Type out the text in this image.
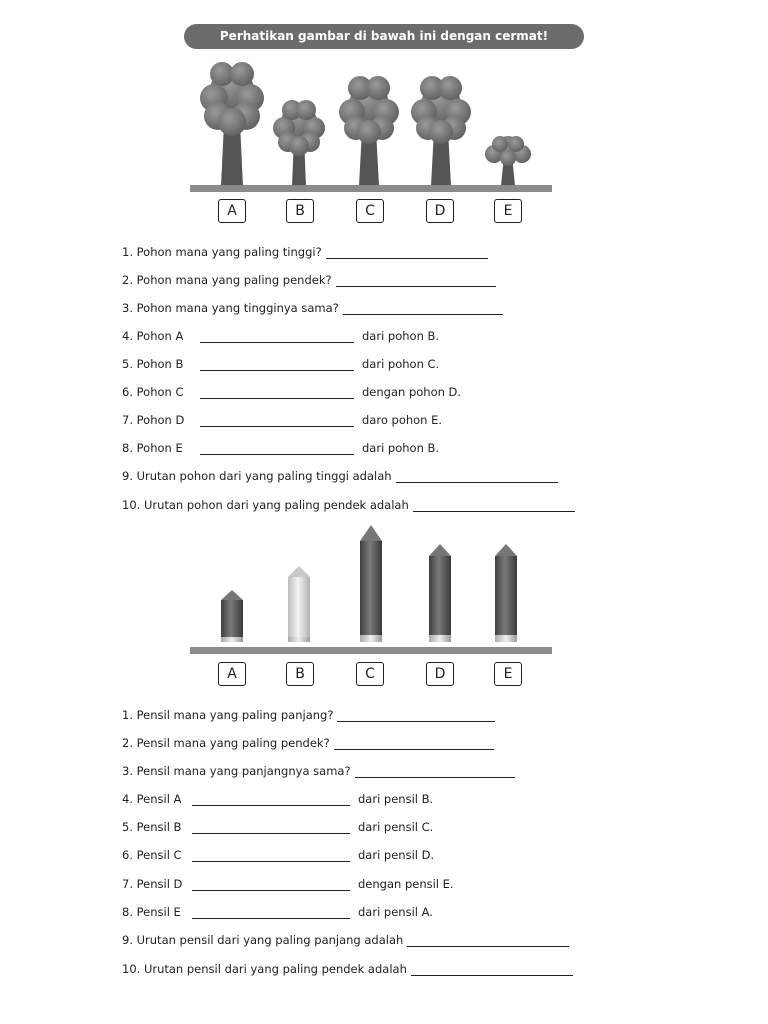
Perhatikan gambar di bawah ini dengan cermat!
A	B	C	D	E
1. Pohon mana yang paling tinggi?
2. Pohon mana yang paling pendek?
3. Pohon mana yang tingginya sama?
4. Pohon A	dari pohon B.
5. Pohon B	dari pohon C.
6. Pohon C	dengan pohon D.
7. Pohon D	daro pohon E.
8. Pohon E	dari pohon B.
9. Urutan pohon dari yang paling tinggi adalah
10. Urutan pohon dari yang paling pendek adalah
A	B	C	D	E
1. Pensil mana yang paling panjang?
2. Pensil mana yang paling pendek?
3. Pensil mana yang panjangnya sama?
4. Pensil A	dari pensil B.
5. Pensil B	dari pensil C.
6. Pensil C	dari pensil D.
7. Pensil D	dengan pensil E.
8. Pensil E	dari pensil A.
9. Urutan pensil dari yang paling panjang adalah
10. Urutan pensil dari yang paling pendek adalah
